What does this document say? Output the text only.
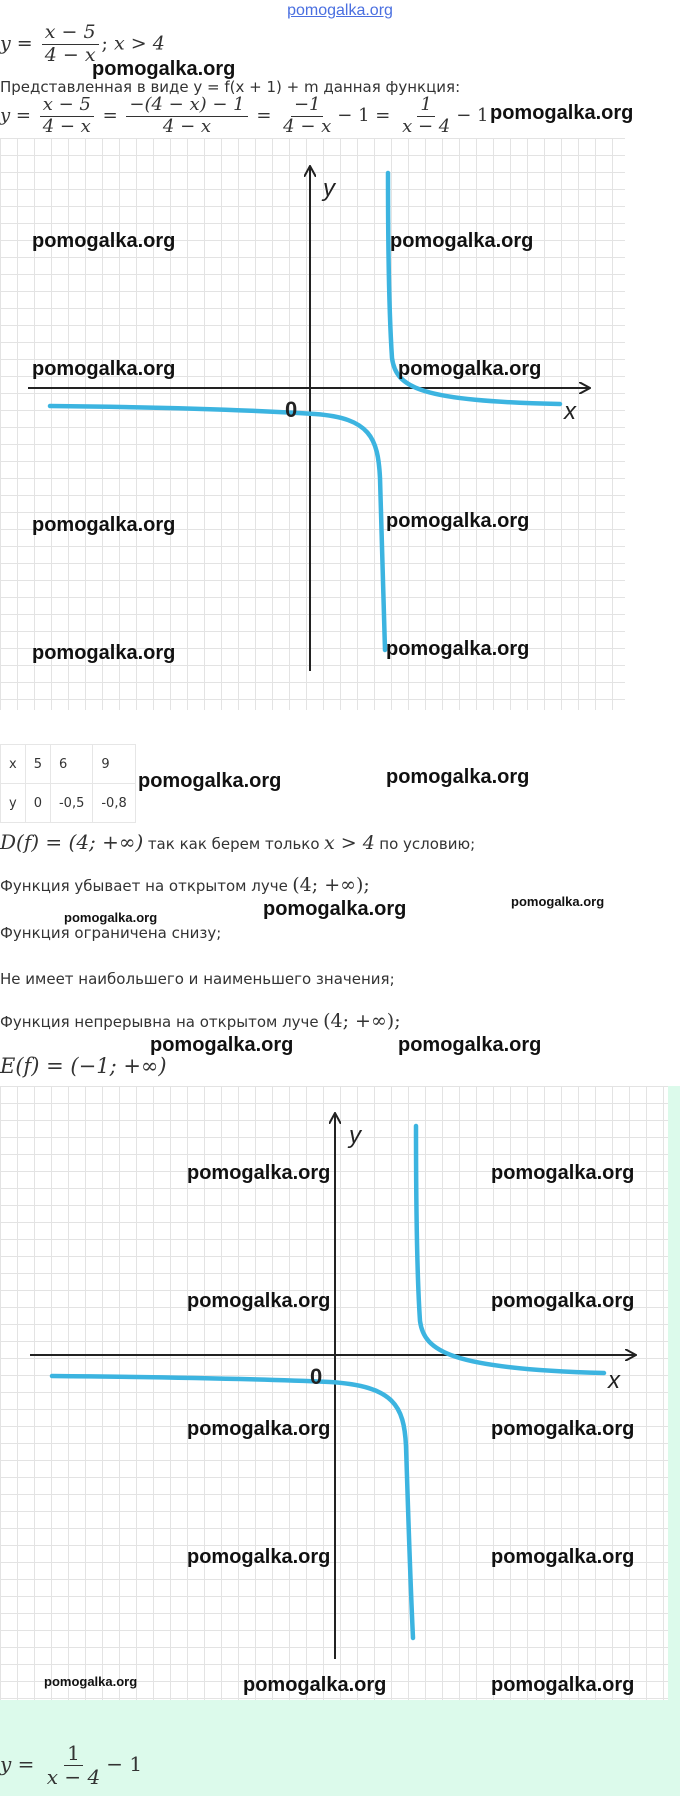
pomogalka.org
$y = \frac{x - 5}{4 - x}$ ; x > 4
Представленная в виде y = f(x + 1) + m данная функция:
$y = \frac{x - 5}{4 - x} = \frac{-(4 - x) - 1}{4 - x} = \frac{-1}{4 - x} - 1 = \frac{1}{x - 4} - 1$
x
y
0
x	5	6	9
y	0	-0,5	-0,8
D(f) = (4; +∞) так как берем только x > 4 по условию;
Функция убывает на открытом луче (4; +∞);
Функция ограничена снизу;
Не имеет наибольшего и наименьшего значения;
Функция непрерывна на открытом луче (4; +∞);
E(f) = (−1; +∞)
x
y
0
$y = \frac{1}{x - 4} - 1$
pomogalka.org
pomogalka.org
pomogalka.org	pomogalka.org
pomogalka.org	pomogalka.org
pomogalka.org	pomogalka.org
pomogalka.org	pomogalka.org
pomogalka.org	pomogalka.org
pomogalka.org	pomogalka.org	pomogalka.org
pomogalka.org	pomogalka.org
pomogalka.org	pomogalka.org
pomogalka.org	pomogalka.org
pomogalka.org	pomogalka.org
pomogalka.org	pomogalka.org
pomogalka.org	pomogalka.org	pomogalka.org
